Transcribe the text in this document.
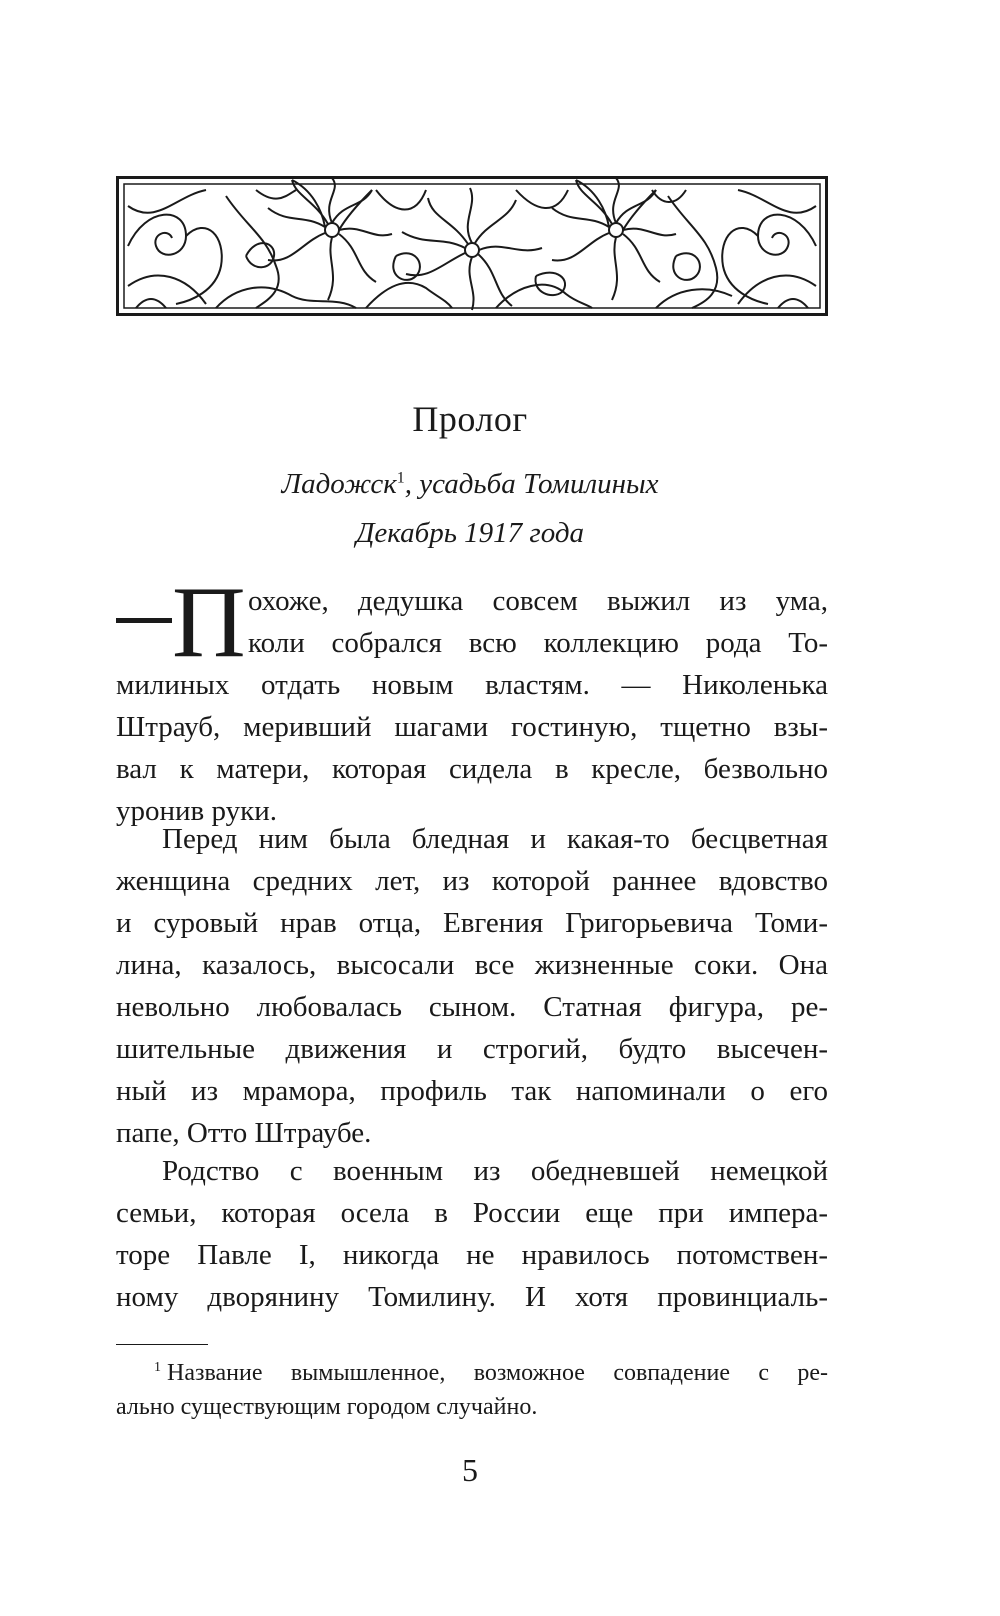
Пролог

Ладожск$^1$, усадьба Томилиных

Декабрь 1917 года

П охоже, дедушка совсем выжил из ума,
коли собрался всю коллекцию рода То-

милиных отдать новым властям. — Николенька
Штрауб, меривший шагами гостиную, тщетно взы-
вал к матери, которая сидела в кресле, безвольно
уронив руки.

Перед ним была бледная и какая-то бесцветная
женщина средних лет, из которой раннее вдовство
и суровый нрав отца, Евгения Григорьевича Томи-
лина, казалось, высосали все жизненные соки. Она
невольно любовалась сыном. Статная фигура, ре-
шительные движения и строгий, будто высечен-
ный из мрамора, профиль так напоминали о его
папе, Отто Штраубе.

Родство с военным из обедневшей немецкой
семьи, которая осела в России еще при импера-
торе Павле I, никогда не нравилось потомствен-
ному дворянину Томилину. И хотя провинциаль-

$^1$ Название вымышленное, возможное совпадение с ре-
ально существующим городом случайно.

5
